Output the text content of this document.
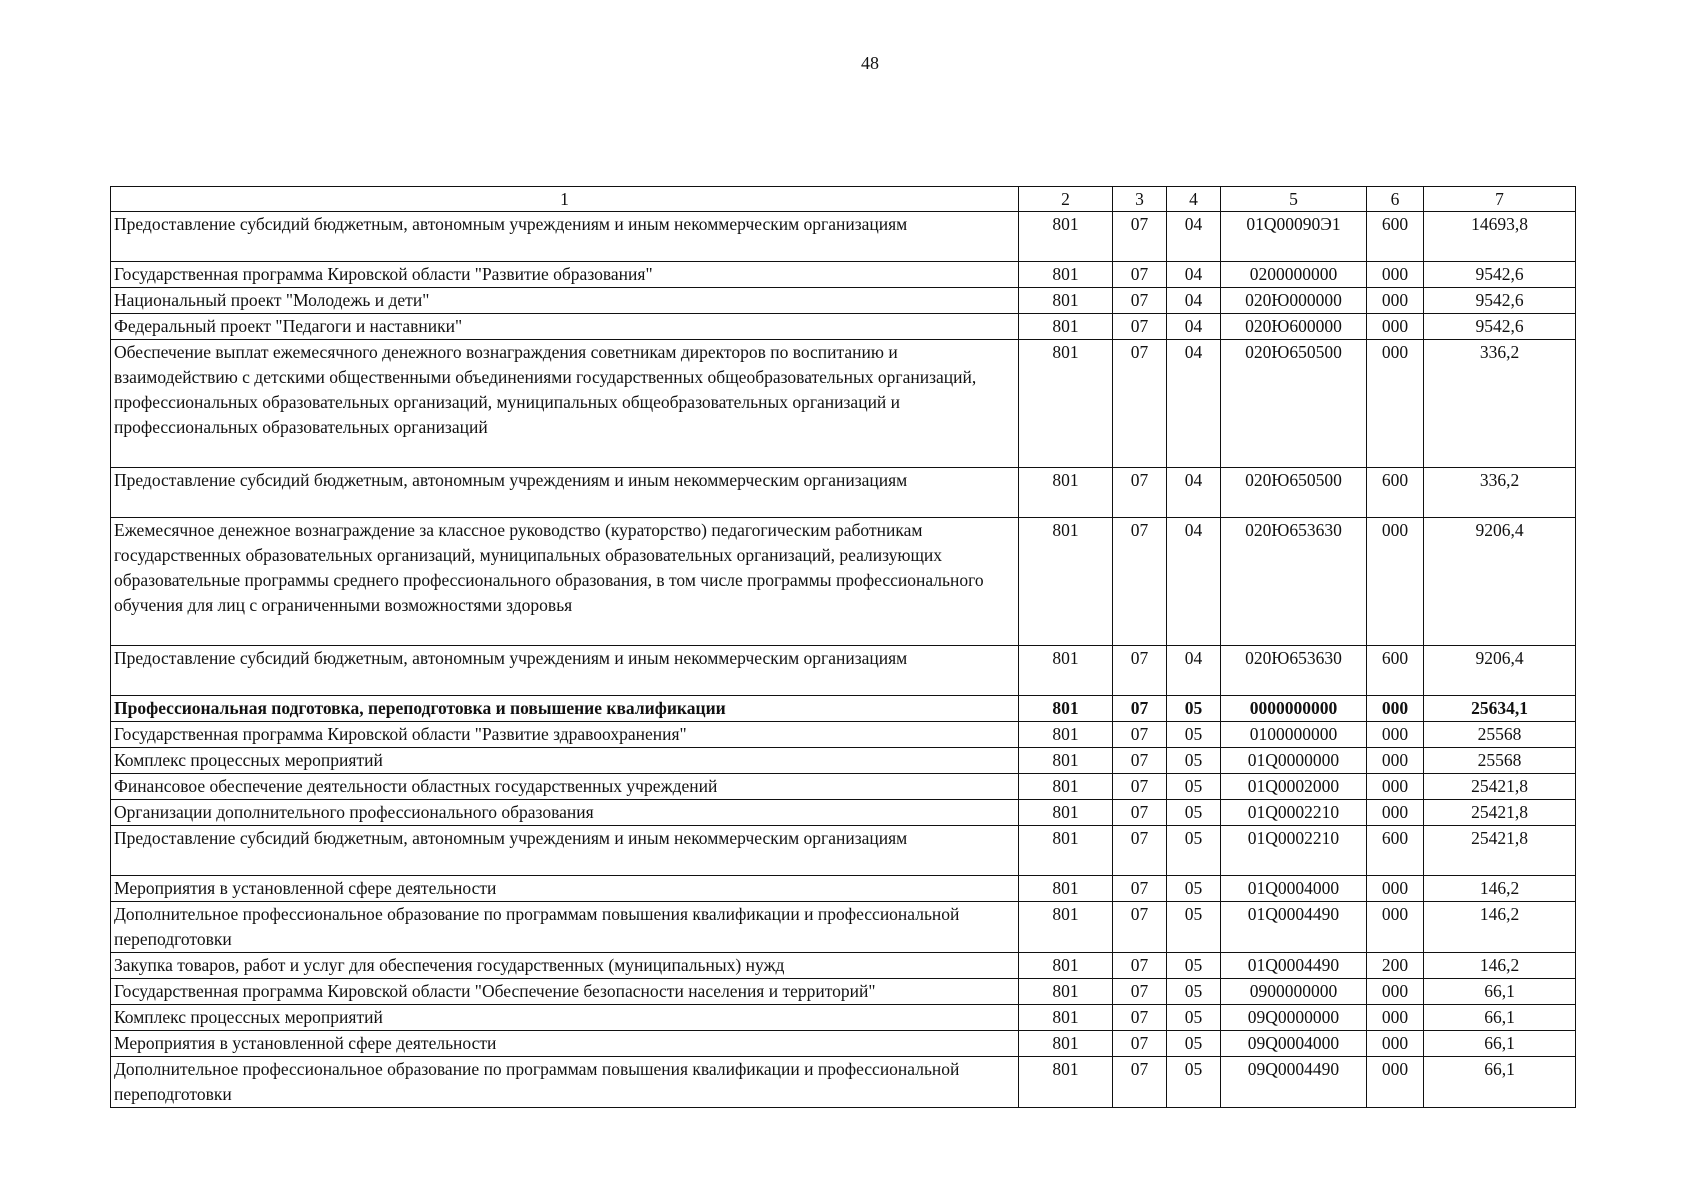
48
1	2	3	4	5	6	7
Предоставление субсидий бюджетным, автономным учреждениям и иным некоммерческим организациям	801	07	04	01Q00090Э1	600	14693,8
Государственная программа Кировской области "Развитие образования"	801	07	04	0200000000	000	9542,6
Национальный проект "Молодежь и дети"	801	07	04	020Ю000000	000	9542,6
Федеральный проект "Педагоги и наставники"	801	07	04	020Ю600000	000	9542,6
Обеспечение выплат ежемесячного денежного вознаграждения советникам директоров по воспитанию и взаимодействию с детскими общественными объединениями государственных общеобразовательных организаций, профессиональных образовательных организаций, муниципальных общеобразовательных организаций и профессиональных образовательных организаций	801	07	04	020Ю650500	000	336,2
Предоставление субсидий бюджетным, автономным учреждениям и иным некоммерческим организациям	801	07	04	020Ю650500	600	336,2
Ежемесячное денежное вознаграждение за классное руководство (кураторство) педагогическим работникам государственных образовательных организаций, муниципальных образовательных организаций, реализующих образовательные программы среднего профессионального образования, в том числе программы профессионального обучения для лиц с ограниченными возможностями здоровья	801	07	04	020Ю653630	000	9206,4
Предоставление субсидий бюджетным, автономным учреждениям и иным некоммерческим организациям	801	07	04	020Ю653630	600	9206,4
Профессиональная подготовка, переподготовка и повышение квалификации	801	07	05	0000000000	000	25634,1
Государственная программа Кировской области "Развитие здравоохранения"	801	07	05	0100000000	000	25568
Комплекс процессных мероприятий	801	07	05	01Q0000000	000	25568
Финансовое обеспечение деятельности областных государственных учреждений	801	07	05	01Q0002000	000	25421,8
Организации дополнительного профессионального образования	801	07	05	01Q0002210	000	25421,8
Предоставление субсидий бюджетным, автономным учреждениям и иным некоммерческим организациям	801	07	05	01Q0002210	600	25421,8
Мероприятия в установленной сфере деятельности	801	07	05	01Q0004000	000	146,2
Дополнительное профессиональное образование по программам повышения квалификации и профессиональной переподготовки	801	07	05	01Q0004490	000	146,2
Закупка товаров, работ и услуг для обеспечения государственных (муниципальных) нужд	801	07	05	01Q0004490	200	146,2
Государственная программа Кировской области "Обеспечение безопасности населения и территорий"	801	07	05	0900000000	000	66,1
Комплекс процессных мероприятий	801	07	05	09Q0000000	000	66,1
Мероприятия в установленной сфере деятельности	801	07	05	09Q0004000	000	66,1
Дополнительное профессиональное образование по программам повышения квалификации и профессиональной переподготовки	801	07	05	09Q0004490	000	66,1
